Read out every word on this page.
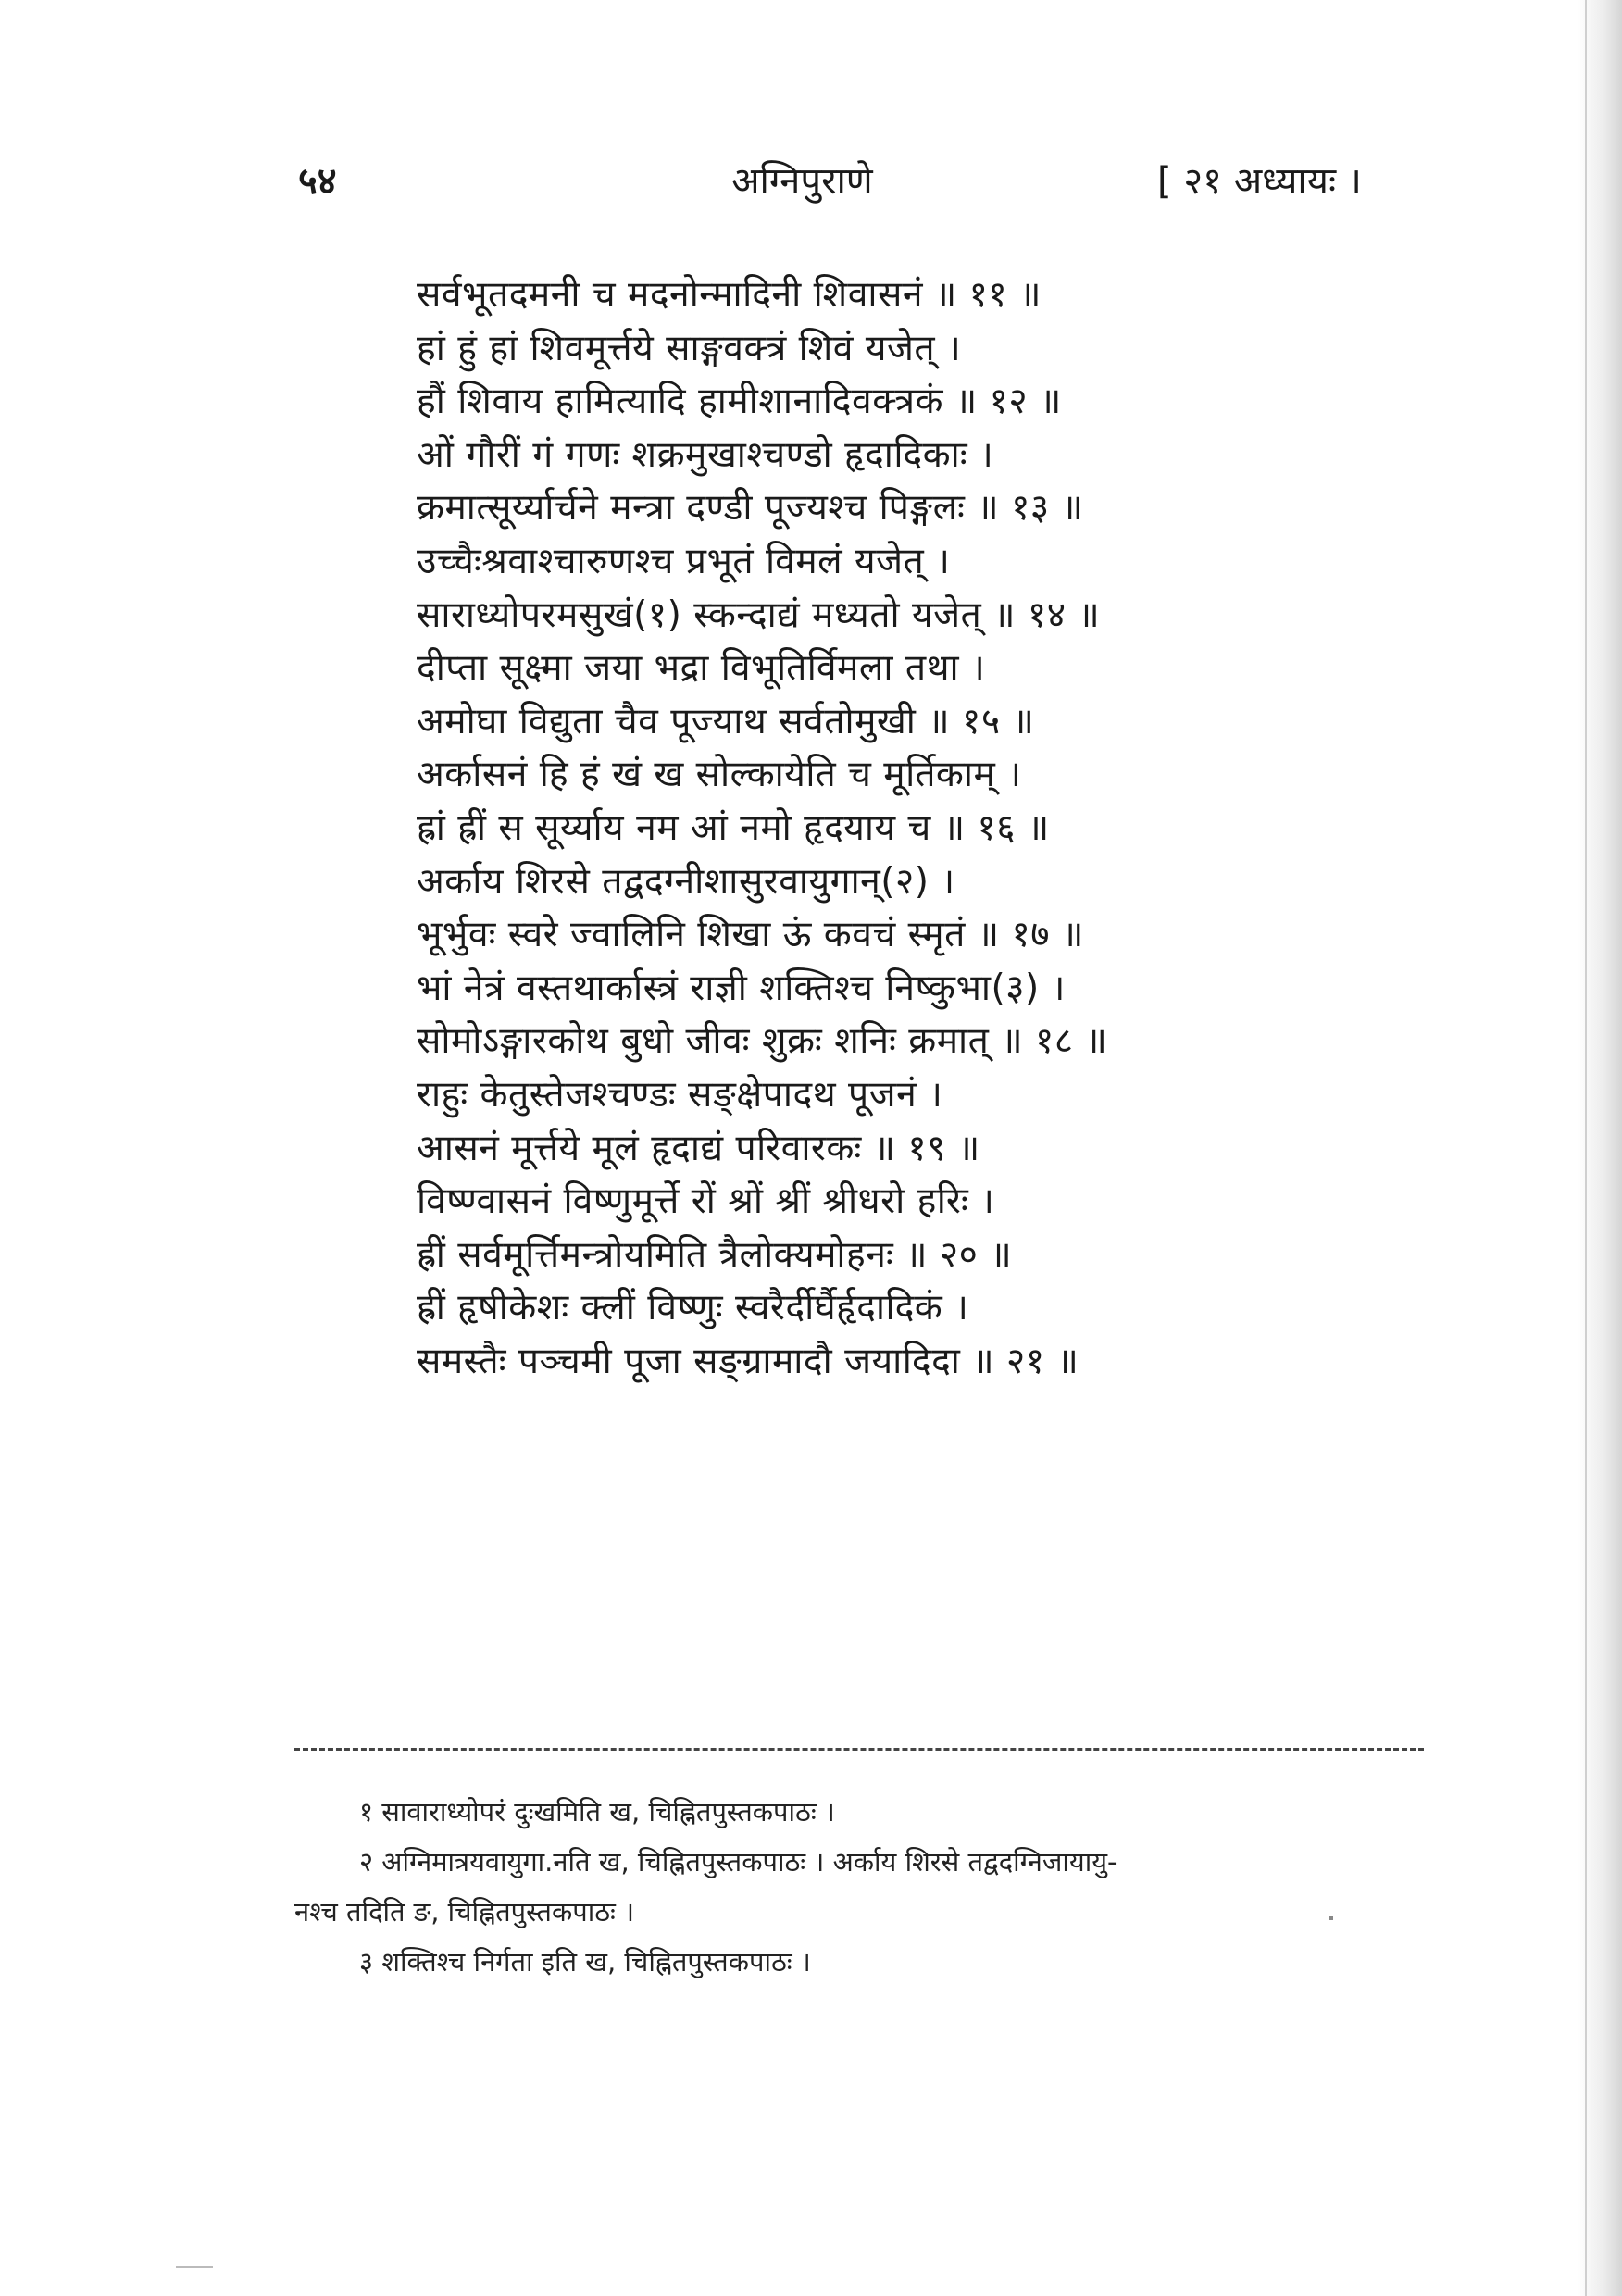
५४	अग्निपुराणे	[ २१ अध्यायः ।
सर्वभूतदमनी च मदनोन्मादिनी शिवासनं ॥ ११ ॥
हां हुं हां शिवमूर्त्तये साङ्गवक्त्रं शिवं यजेत् ।
हौं शिवाय हामित्यादि हामीशानादिवक्त्रकं ॥ १२ ॥
ओं गौरीं गं गणः शक्रमुखाश्चण्डो हृदादिकाः ।
क्रमात्सूर्य्यार्चने मन्त्रा दण्डी पूज्यश्च पिङ्गलः ॥ १३ ॥
उच्चैःश्रवाश्चारुणश्च प्रभूतं विमलं यजेत् ।
साराध्योपरमसुखं(१) स्कन्दाद्यं मध्यतो यजेत् ॥ १४ ॥
दीप्ता सूक्ष्मा जया भद्रा विभूतिर्विमला तथा ।
अमोघा विद्युता चैव पूज्याथ सर्वतोमुखी ॥ १५ ॥
अर्कासनं हि हं खं ख सोल्कायेति च मूर्तिकाम् ।
ह्रां ह्रीं स सूर्य्याय नम आं नमो हृदयाय च ॥ १६ ॥
अर्काय शिरसे तद्वदग्नीशासुरवायुगान्(२) ।
भूर्भुवः स्वरे ज्वालिनि शिखा ऊं कवचं स्मृतं ॥ १७ ॥
भां नेत्रं वस्तथार्कास्त्रं राज्ञी शक्तिश्च निष्कुभा(३) ।
सोमोऽङ्गारकोथ बुधो जीवः शुक्रः शनिः क्रमात् ॥ १८ ॥
राहुः केतुस्तेजश्चण्डः सङ्क्षेपादथ पूजनं ।
आसनं मूर्त्तये मूलं हृदाद्यं परिवारकः ॥ १९ ॥
विष्ण्वासनं विष्णुमूर्त्ते रों श्रों श्रीं श्रीधरो हरिः ।
ह्रीं सर्वमूर्त्तिमन्त्रोयमिति त्रैलोक्यमोहनः ॥ २० ॥
ह्रीं हृषीकेशः क्लीं विष्णुः स्वरैर्दीर्घैर्हृदादिकं ।
समस्तैः पञ्चमी पूजा सङ्ग्रामादौ जयादिदा ॥ २१ ॥
१ सावाराध्योपरं दुःखमिति ख, चिह्नितपुस्तकपाठः ।
२ अग्निमात्रयवायुगा.नति ख, चिह्नितपुस्तकपाठः । अर्काय शिरसे तद्वदग्निजायायु-
नश्च तदिति ङ, चिह्नितपुस्तकपाठः ।
३ शक्तिश्च निर्गता इति ख, चिह्नितपुस्तकपाठः ।
